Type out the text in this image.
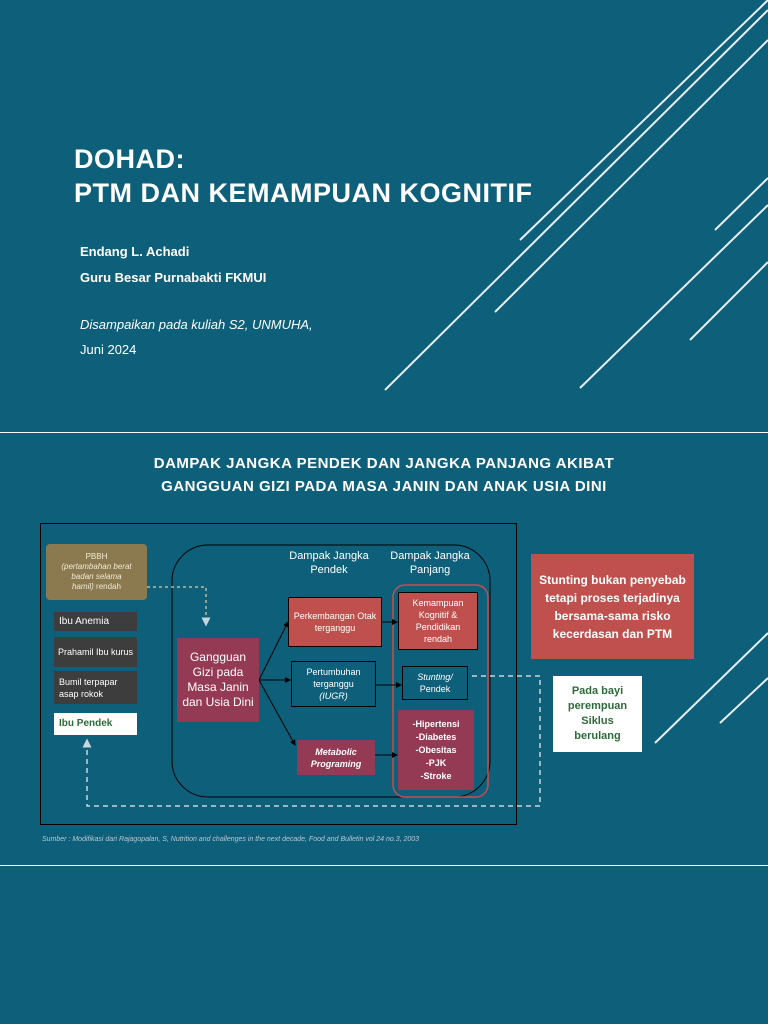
DOHAD:
PTM DAN KEMAMPUAN KOGNITIF
Endang L. Achadi
Guru Besar Purnabakti FKMUI
Disampaikan pada kuliah S2, UNMUHA,
Juni 2024
DAMPAK JANGKA PENDEK DAN JANGKA PANJANG AKIBAT
GANGGUAN GIZI PADA MASA JANIN DAN ANAK USIA DINI
PBBH
(pertambahan berat
badan selama
hamil) rendah
Ibu Anemia
Prahamil Ibu kurus
Bumil terpapar asap rokok
Ibu Pendek
Gangguan Gizi pada Masa Janin dan Usia Dini
Dampak Jangka Pendek
Dampak Jangka Panjang
Perkembangan Otak terganggu
Pertumbuhan terganggu
(IUGR)
Metabolic Programing
Kemampuan Kognitif & Pendidikan rendah
Stunting/
Pendek
-Hipertensi
-Diabetes
-Obesitas
-PJK
-Stroke
Stunting bukan penyebab tetapi proses terjadinya bersama-sama risko kecerdasan dan PTM
Pada bayi perempuan Siklus berulang
Sumber : Modifikasi dari Rajagopalan, S, Nutrition and challenges in the next decade, Food and Bulletin vol 24 no.3, 2003
